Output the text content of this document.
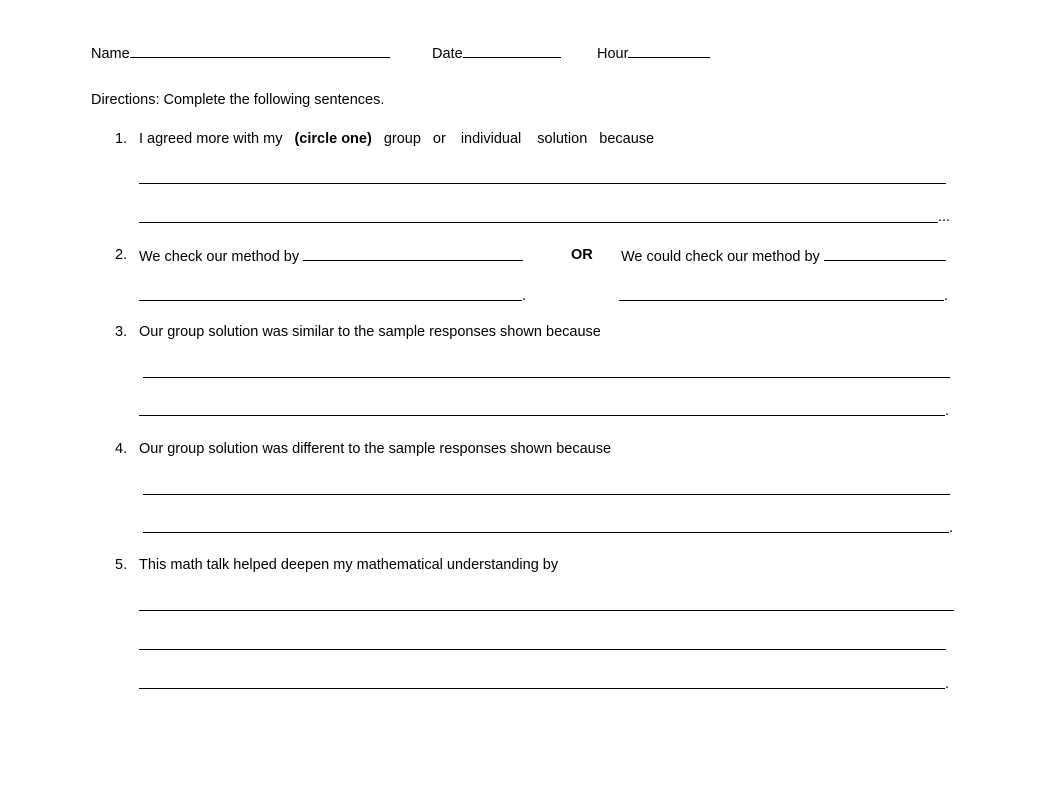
Name	Date	Hour
Directions: Complete the following sentences.
1. I agreed more with my (circle one) group or individual solution because
...
2. We check our method by	OR We could check our method by
.	.
3. Our group solution was similar to the sample responses shown because
.
4. Our group solution was different to the sample responses shown because
.
5. This math talk helped deepen my mathematical understanding by
.
